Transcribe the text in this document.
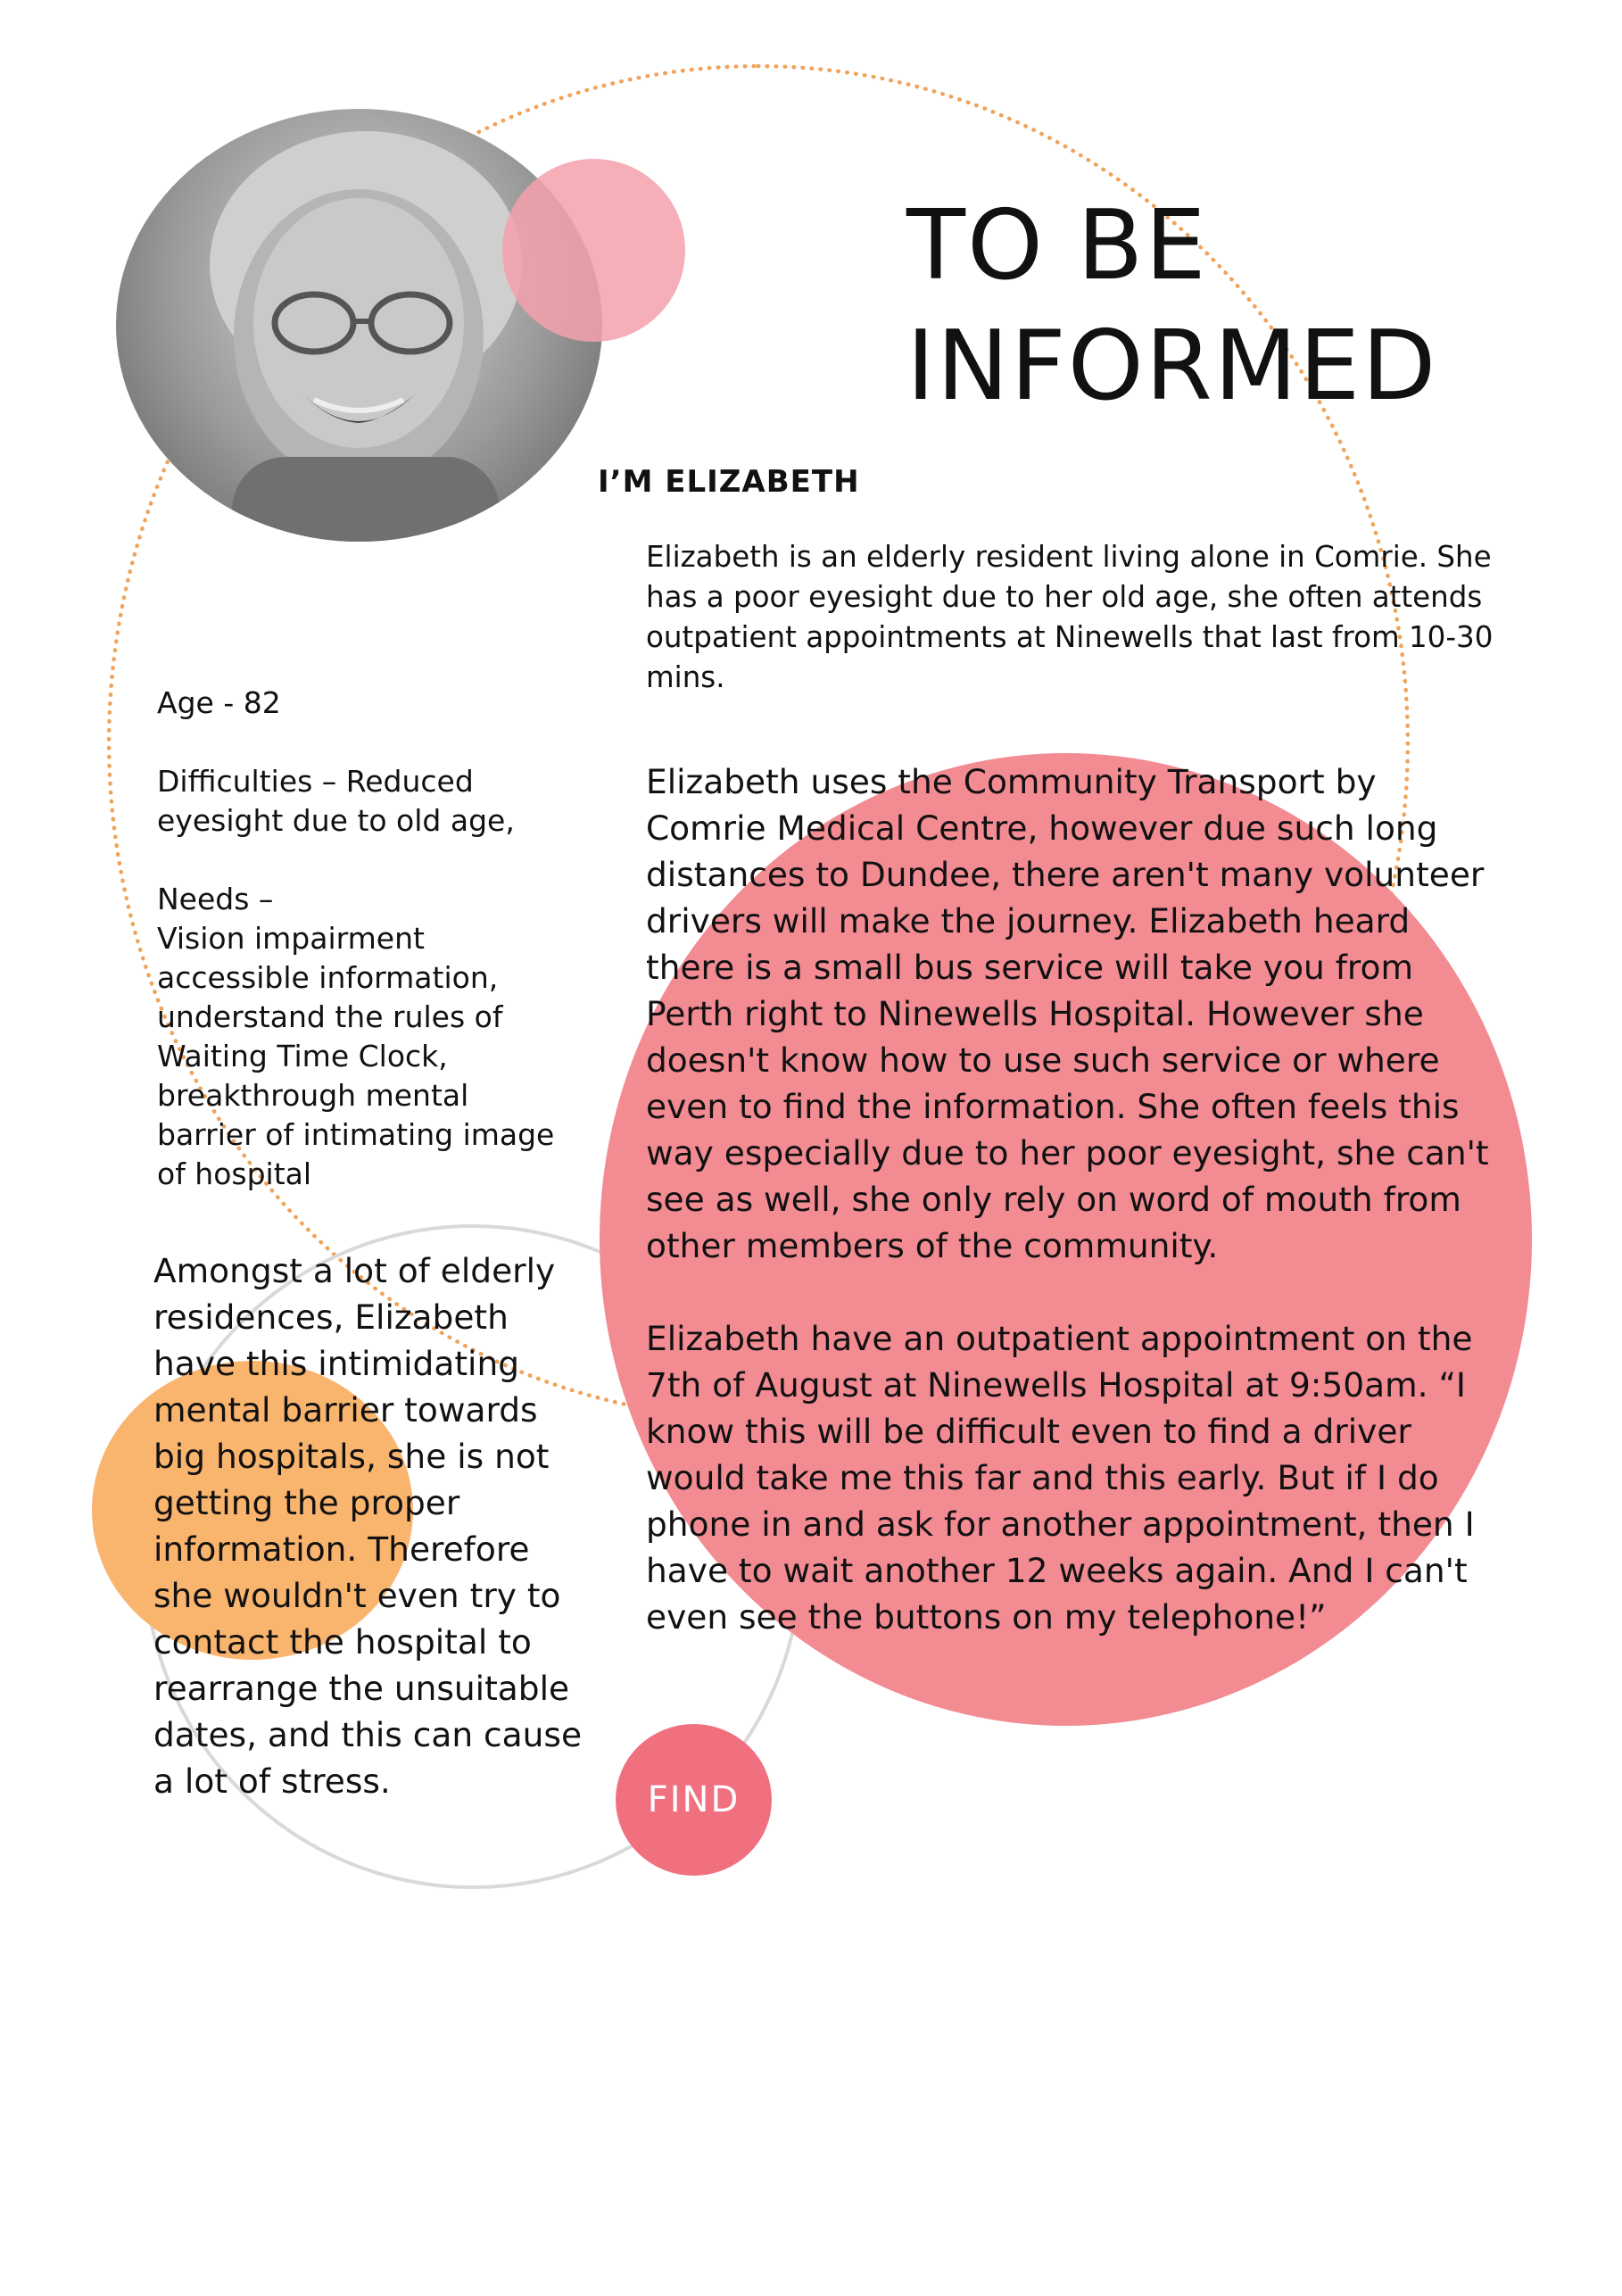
TO BE
INFORMED
I’M ELIZABETH

Elizabeth is an elderly resident living alone in Comrie. She has a poor eyesight due to her old age, she often attends outpatient appointments at Ninewells that last from 10-30 mins.

Age - 82

Difficulties – Reduced
eyesight due to old age,

Needs –
Vision impairment
accessible information,
understand the rules of
Waiting Time Clock,
breakthrough mental
barrier of intimating image
of hospital

Amongst a lot of elderly residences, Elizabeth have this intimidating mental barrier towards big hospitals, she is not getting the proper information. Therefore she wouldn't even try to contact the hospital to rearrange the unsuitable dates, and this can cause a lot of stress.

Elizabeth uses the Community Transport by Comrie Medical Centre, however due such long distances to Dundee, there aren't many volunteer drivers will make the journey. Elizabeth heard there is a small bus service will take you from Perth right to Ninewells Hospital. However she doesn't know how to use such service or where even to find the information. She often feels this way especially due to her poor eyesight, she can't see as well, she only rely on word of mouth from other members of the community.

Elizabeth have an outpatient appointment on the 7th of August at Ninewells Hospital at 9:50am. “I know this will be difficult even to find a driver would take me this far and this early. But if I do phone in and ask for another appointment, then I have to wait another 12 weeks again. And I can't even see the buttons on my telephone!”

FIND
